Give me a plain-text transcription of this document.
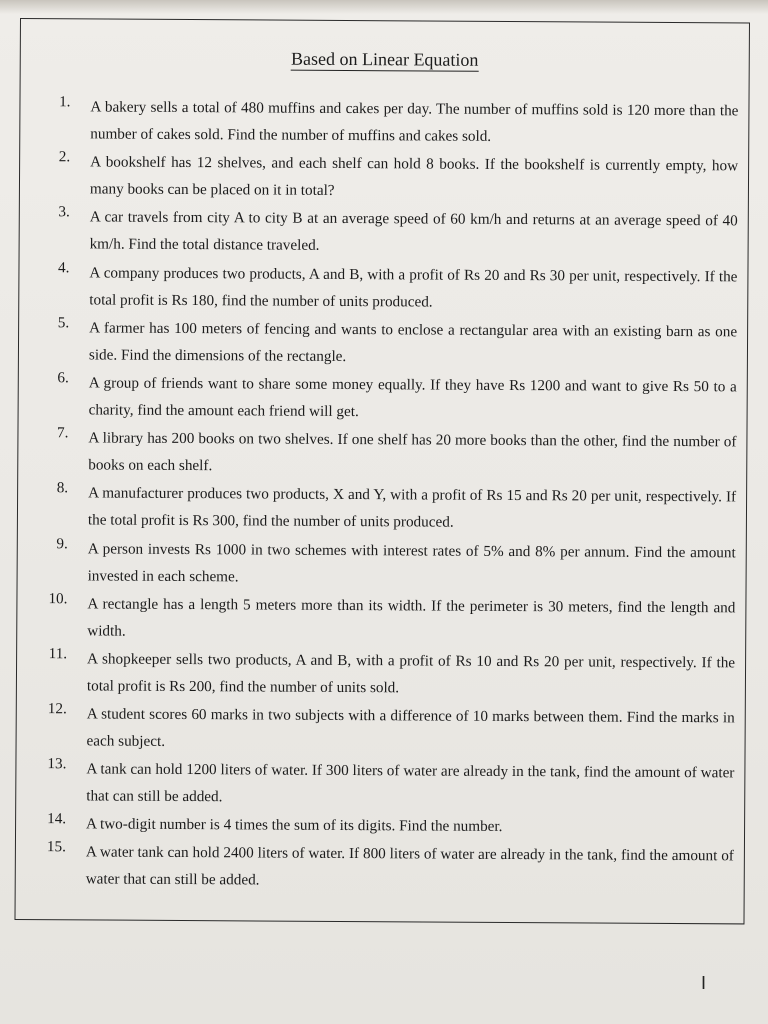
Based on Linear Equation
1. A bakery sells a total of 480 muffins and cakes per day. The number of muffins sold is 120 more than the number of cakes sold. Find the number of muffins and cakes sold.
2. A bookshelf has 12 shelves, and each shelf can hold 8 books. If the bookshelf is currently empty, how many books can be placed on it in total?
3. A car travels from city A to city B at an average speed of 60 km/h and returns at an average speed of 40 km/h. Find the total distance traveled.
4. A company produces two products, A and B, with a profit of Rs 20 and Rs 30 per unit, respectively. If the total profit is Rs 180, find the number of units produced.
5. A farmer has 100 meters of fencing and wants to enclose a rectangular area with an existing barn as one side. Find the dimensions of the rectangle.
6. A group of friends want to share some money equally. If they have Rs 1200 and want to give Rs 50 to a charity, find the amount each friend will get.
7. A library has 200 books on two shelves. If one shelf has 20 more books than the other, find the number of books on each shelf.
8. A manufacturer produces two products, X and Y, with a profit of Rs 15 and Rs 20 per unit, respectively. If the total profit is Rs 300, find the number of units produced.
9. A person invests Rs 1000 in two schemes with interest rates of 5% and 8% per annum. Find the amount invested in each scheme.
10. A rectangle has a length 5 meters more than its width. If the perimeter is 30 meters, find the length and width.
11. A shopkeeper sells two products, A and B, with a profit of Rs 10 and Rs 20 per unit, respectively. If the total profit is Rs 200, find the number of units sold.
12. A student scores 60 marks in two subjects with a difference of 10 marks between them. Find the marks in each subject.
13. A tank can hold 1200 liters of water. If 300 liters of water are already in the tank, find the amount of water that can still be added.
14. A two-digit number is 4 times the sum of its digits. Find the number.
15. A water tank can hold 2400 liters of water. If 800 liters of water are already in the tank, find the amount of water that can still be added.
I
